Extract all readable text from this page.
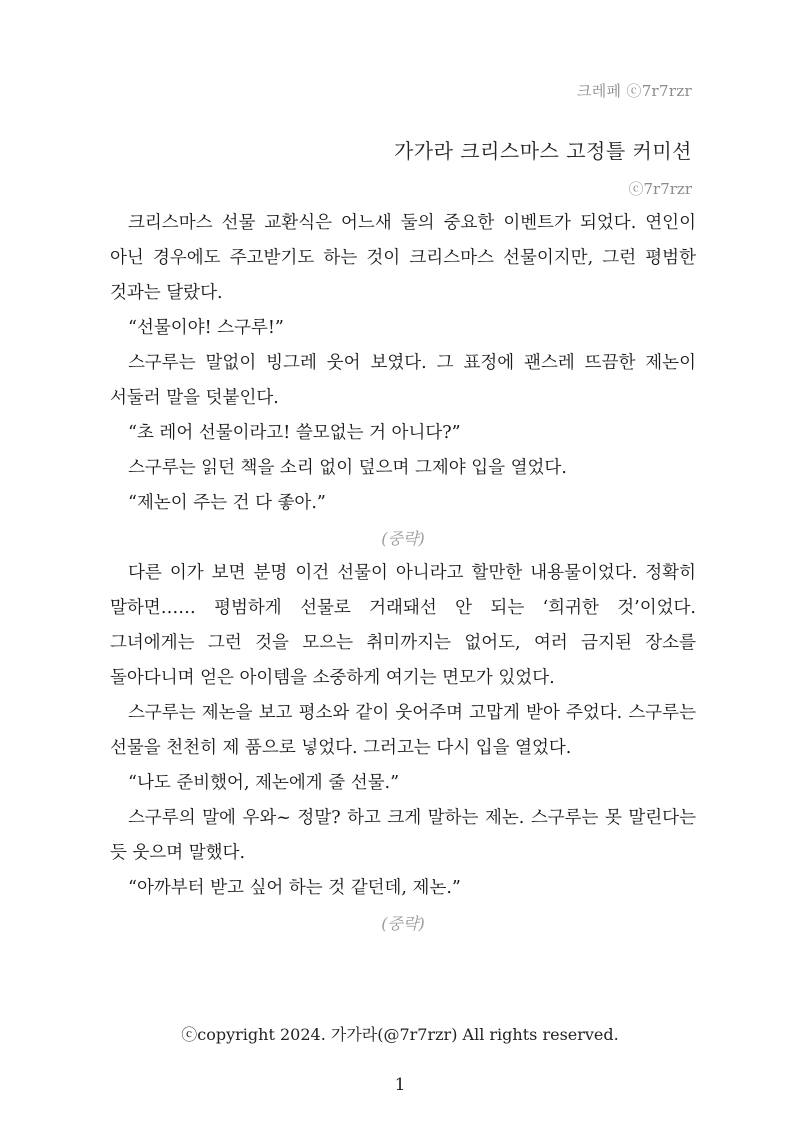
크레페 ⓒ7r7rzr
가가라 크리스마스 고정틀 커미션
ⓒ7r7rzr

크리스마스 선물 교환식은 어느새 둘의 중요한 이벤트가 되었다. 연인이 아닌 경우에도 주고받기도 하는 것이 크리스마스 선물이지만, 그런 평범한 것과는 달랐다.

“선물이야! 스구루!”

스구루는 말없이 빙그레 웃어 보였다. 그 표정에 괜스레 뜨끔한 제논이 서둘러 말을 덧붙인다.

“초 레어 선물이라고! 쓸모없는 거 아니다?”

스구루는 읽던 책을 소리 없이 덮으며 그제야 입을 열었다.

“제논이 주는 건 다 좋아.”

(중략)

다른 이가 보면 분명 이건 선물이 아니라고 할만한 내용물이었다. 정확히 말하면…… 평범하게 선물로 거래돼선 안 되는 ‘희귀한 것’이었다. 그녀에게는 그런 것을 모으는 취미까지는 없어도, 여러 금지된 장소를 돌아다니며 얻은 아이템을 소중하게 여기는 면모가 있었다.

스구루는 제논을 보고 평소와 같이 웃어주며 고맙게 받아 주었다. 스구루는 선물을 천천히 제 품으로 넣었다. 그러고는 다시 입을 열었다.

“나도 준비했어, 제논에게 줄 선물.”

스구루의 말에 우와~ 정말? 하고 크게 말하는 제논. 스구루는 못 말린다는 듯 웃으며 말했다.

“아까부터 받고 싶어 하는 것 같던데, 제논.”

(중략)

ⓒcopyright 2024. 가가라(@7r7rzr) All rights reserved.
1
